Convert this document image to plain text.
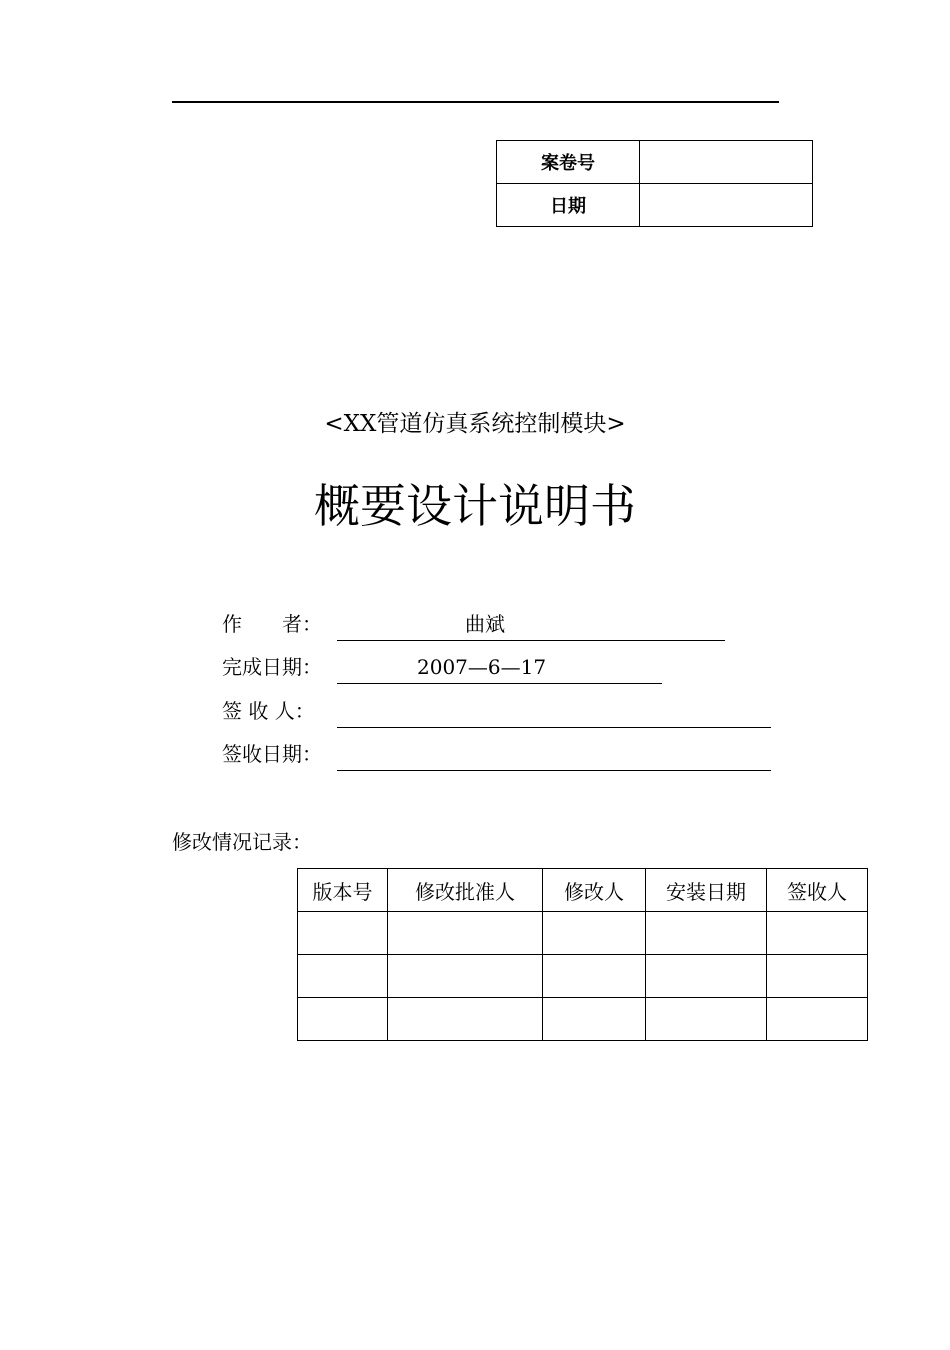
案卷号	
日期	
<XX管道仿真系统控制模块>
概要设计说明书
作　　者：	曲斌
完成日期：	2007—6—17
签 收 人：
签收日期：
修改情况记录：
版本号	修改批准人	修改人	安装日期	签收人
